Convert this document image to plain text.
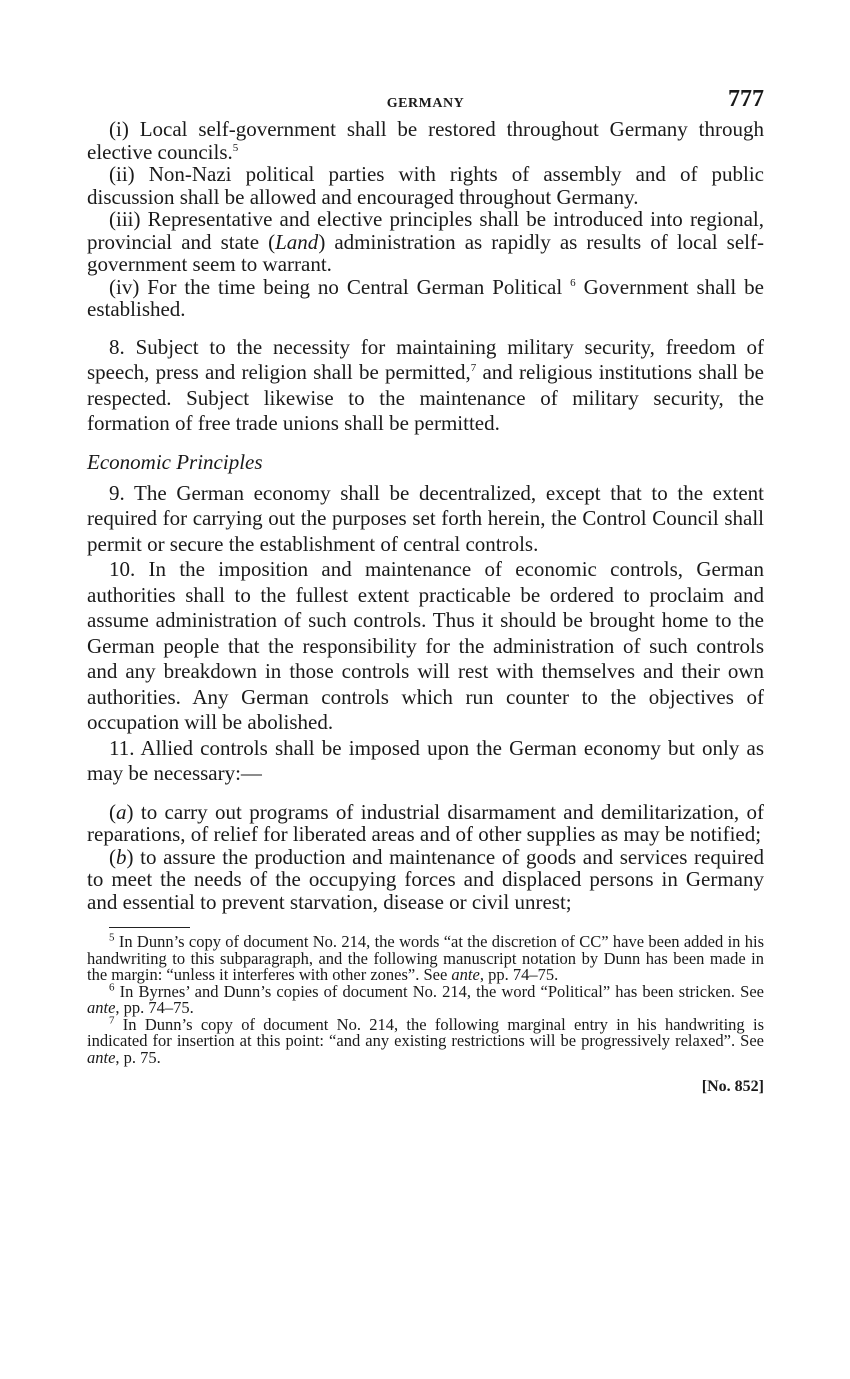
GERMANY	777

(i) Local self-government shall be restored throughout Germany through elective councils.$^5$

(ii) Non-Nazi political parties with rights of assembly and of public discussion shall be allowed and encouraged throughout Germany.

(iii) Representative and elective principles shall be introduced into regional, provincial and state (Land) administration as rapidly as results of local self-government seem to warrant.

(iv) For the time being no Central German Political $^6$ Government shall be established.

8. Subject to the necessity for maintaining military security, freedom of speech, press and religion shall be permitted,$^7$ and religious institutions shall be respected. Subject likewise to the maintenance of military security, the formation of free trade unions shall be permitted.

Economic Principles

9. The German economy shall be decentralized, except that to the extent required for carrying out the purposes set forth herein, the Control Council shall permit or secure the establishment of central controls.

10. In the imposition and maintenance of economic controls, German authorities shall to the fullest extent practicable be ordered to proclaim and assume administration of such controls. Thus it should be brought home to the German people that the responsibility for the administration of such controls and any breakdown in those controls will rest with themselves and their own authorities. Any German controls which run counter to the objectives of occupation will be abolished.

11. Allied controls shall be imposed upon the German economy but only as may be necessary:—

(a) to carry out programs of industrial disarmament and demilitarization, of reparations, of relief for liberated areas and of other supplies as may be notified;

(b) to assure the production and maintenance of goods and services required to meet the needs of the occupying forces and displaced persons in Germany and essential to prevent starvation, disease or civil unrest;

$^5$ In Dunn’s copy of document No. 214, the words “at the discretion of CC” have been added in his handwriting to this subparagraph, and the following manuscript notation by Dunn has been made in the margin: “unless it interferes with other zones”. See ante, pp. 74–75.

$^6$ In Byrnes’ and Dunn’s copies of document No. 214, the word “Political” has been stricken. See ante, pp. 74–75.

$^7$ In Dunn’s copy of document No. 214, the following marginal entry in his handwriting is indicated for insertion at this point: “and any existing restrictions will be progressively relaxed”. See ante, p. 75.

[No. 852]
